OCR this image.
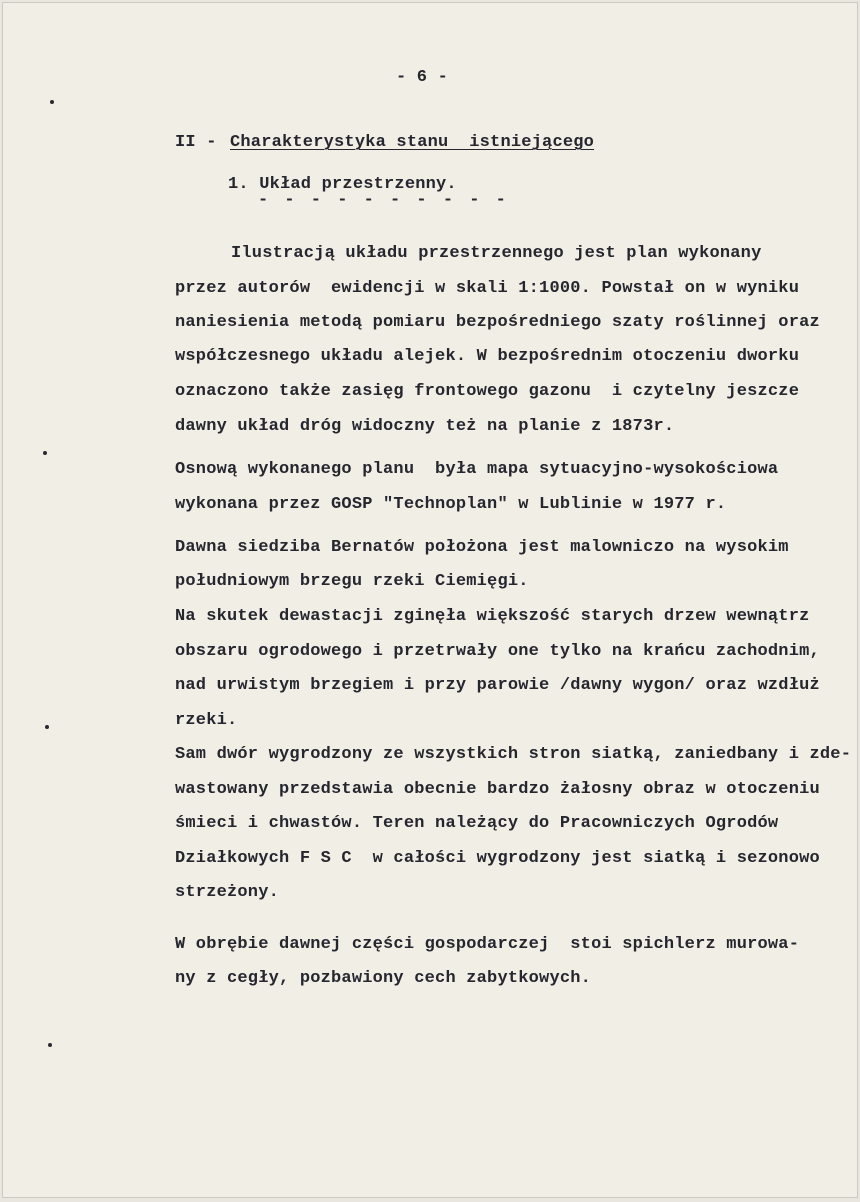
- 6 -
II - Charakterystyka stanu  istniejącego
1. Układ przestrzenny.
- - - - - - - - - -
Ilustracją układu przestrzennego jest plan wykonany
przez autorów  ewidencji w skali 1:1000. Powstał on w wyniku
naniesienia metodą pomiaru bezpośredniego szaty roślinnej oraz
współczesnego układu alejek. W bezpośrednim otoczeniu dworku
oznaczono także zasięg frontowego gazonu  i czytelny jeszcze
dawny układ dróg widoczny też na planie z 1873r.
Osnową wykonanego planu  była mapa sytuacyjno-wysokościowa
wykonana przez GOSP "Technoplan" w Lublinie w 1977 r.
Dawna siedziba Bernatów położona jest malowniczo na wysokim
południowym brzegu rzeki Ciemięgi.
Na skutek dewastacji zginęła większość starych drzew wewnątrz
obszaru ogrodowego i przetrwały one tylko na krańcu zachodnim,
nad urwistym brzegiem i przy parowie /dawny wygon/ oraz wzdłuż
rzeki.
Sam dwór wygrodzony ze wszystkich stron siatką, zaniedbany i zde-
wastowany przedstawia obecnie bardzo żałosny obraz w otoczeniu
śmieci i chwastów. Teren należący do Pracowniczych Ogrodów
Działkowych F S C  w całości wygrodzony jest siatką i sezonowo
strzeżony.
W obrębie dawnej części gospodarczej  stoi spichlerz murowa-
ny z cegły, pozbawiony cech zabytkowych.
